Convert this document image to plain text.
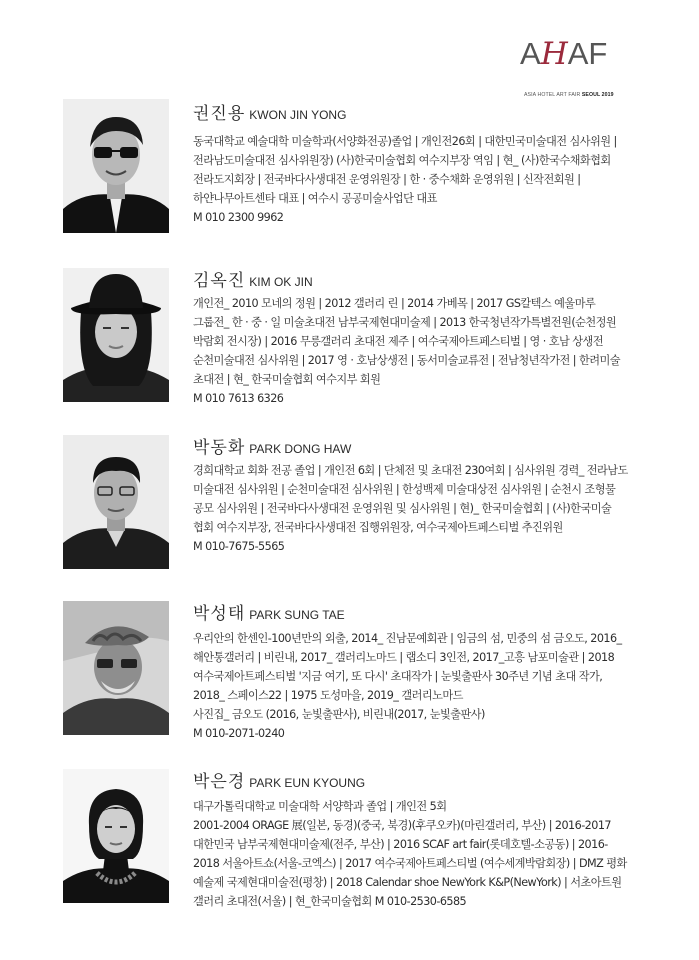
AHAF
ASIA HOTEL ART FAIR SEOUL 2019
권진용 KWON JIN YONG
동국대학교 예술대학 미술학과(서양화전공)졸업 | 개인전26회 | 대한민국미술대전 심사위원 |
전라남도미술대전 심사위원장) (사)한국미술협회 여수지부장 역임 | 현_ (사)한국수채화협회
전라도지회장 | 전국바다사생대전 운영위원장 | 한 · 중수채화 운영위원 | 신작전회원 |
하얀나무아트센타 대표 | 여수시 공공미술사업단 대표
M 010 2300 9962
김옥진 KIM OK JIN
개인전_ 2010 모네의 정원 | 2012 갤러리 린 | 2014 가베목 | 2017 GS칼텍스 예울마루
그룹전_ 한 · 중 · 일 미술초대전 남부국제현대미술제 | 2013 한국청년작가특별전원(순천정원
박람회 전시장) | 2016 무릉갤러리 초대전 제주 | 여수국제아트페스티벌 | 영 · 호남 상생전
순천미술대전 심사위원 | 2017 영 · 호남상생전 | 동서미술교류전 | 전남청년작가전 | 한려미술
초대전 | 현_ 한국미술협회 여수지부 회원
M 010 7613 6326
박동화 PARK DONG HAW
경희대학교 회화 전공 졸업 | 개인전 6회 | 단체전 및 초대전 230여회 | 심사위원 경력_ 전라남도
미술대전 심사위원 | 순천미술대전 심사위원 | 한성백제 미술대상전 심사위원 | 순천시 조형물
공모 심사위원 | 전국바다사생대전 운영위원 및 심사위원 | 현)_ 한국미술협회 | (사)한국미술
협회 여수지부장, 전국바다사생대전 집행위원장, 여수국제아트페스티벌 추진위원
M 010-7675-5565
박성태 PARK SUNG TAE
우리안의 한센인-100년만의 외출, 2014_ 진남문예회관 | 임금의 섬, 민중의 섬 금오도, 2016_
해안통갤러리 | 비린내, 2017_ 갤러리노마드 | 랩소디 3인전, 2017_고흥 남포미술관 | 2018
여수국제아트페스티벌 '지금 여기, 또 다시' 초대작가 | 눈빛출판사 30주년 기념 초대 작가,
2018_ 스페이스22 | 1975 도성마을, 2019_ 갤러리노마드
사진집_ 금오도 (2016, 눈빛출판사), 비린내(2017, 눈빛출판사)
M 010-2071-0240
박은경 PARK EUN KYOUNG
대구가톨릭대학교 미술대학 서양학과 졸업 | 개인전 5회
2001-2004 ORAGE 展(일본, 동경)(중국, 북경)(후쿠오카)(마린갤러리, 부산) | 2016-2017
대한민국 남부국제현대미술제(전주, 부산) | 2016 SCAF art fair(롯데호텔-소공동) | 2016-
2018 서울아트쇼(서울-코엑스) | 2017 여수국제아트페스티벌 (여수세계박람회장) | DMZ 평화
예술제 국제현대미술전(평창) | 2018 Calendar shoe NewYork K&P(NewYork) | 서초아트원
갤러리 초대전(서울) | 현_한국미술협회 M 010-2530-6585
